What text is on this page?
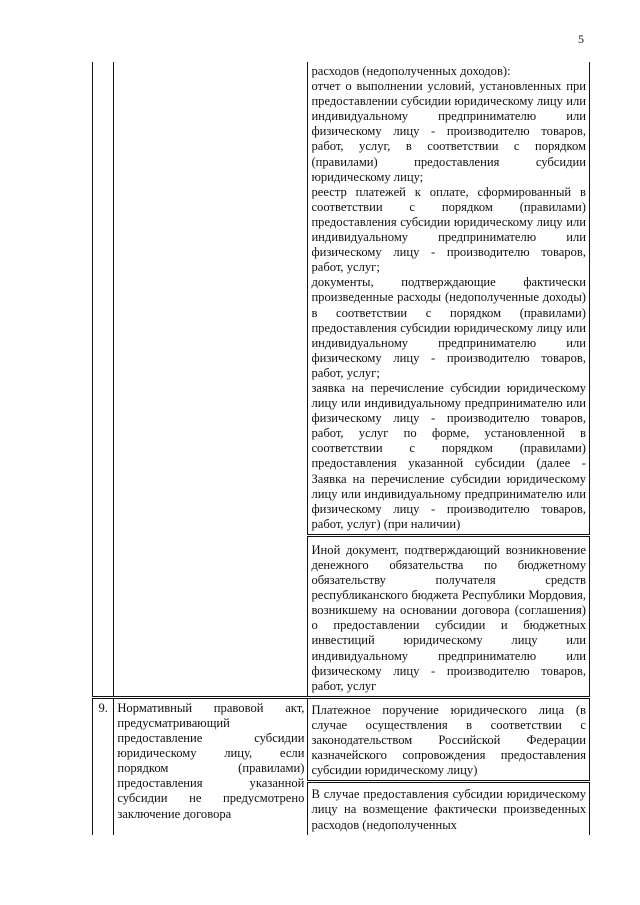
5

		расходов (недополученных доходов):
отчет о выполнении условий, установленных при предоставлении субсидии юридическому лицу или индивидуальному предпринимателю или физическому лицу - производителю товаров, работ, услуг, в соответствии с порядком (правилами) предоставления субсидии юридическому лицу;
реестр платежей к оплате, сформированный в соответствии с порядком (правилами) предоставления субсидии юридическому лицу или индивидуальному предпринимателю или физическому лицу - производителю товаров, работ, услуг;
документы, подтверждающие фактически произведенные расходы (недополученные доходы) в соответствии с порядком (правилами) предоставления субсидии юридическому лицу или индивидуальному предпринимателю или физическому лицу - производителю товаров, работ, услуг;
заявка на перечисление субсидии юридическому лицу или индивидуальному предпринимателю или физическому лицу - производителю товаров, работ, услуг по форме, установленной в соответствии с порядком (правилами) предоставления указанной субсидии (далее - Заявка на перечисление субсидии юридическому лицу или индивидуальному предпринимателю или физическому лицу - производителю товаров, работ, услуг) (при наличии)

		Иной документ, подтверждающий возникновение денежного обязательства по бюджетному обязательству получателя средств республиканского бюджета Республики Мордовия, возникшему на основании договора (соглашения) о предоставлении субсидии и бюджетных инвестиций юридическому лицу или индивидуальному предпринимателю или физическому лицу - производителю товаров, работ, услуг

9.	Нормативный правовой акт, предусматривающий предоставление субсидии юридическому лицу, если порядком (правилами) предоставления указанной субсидии не предусмотрено заключение договора	Платежное поручение юридического лица (в случае осуществления в соответствии с законодательством Российской Федерации казначейского сопровождения предоставления субсидии юридическому лицу)

		В случае предоставления субсидии юридическому лицу на возмещение фактически произведенных расходов (недополученных
